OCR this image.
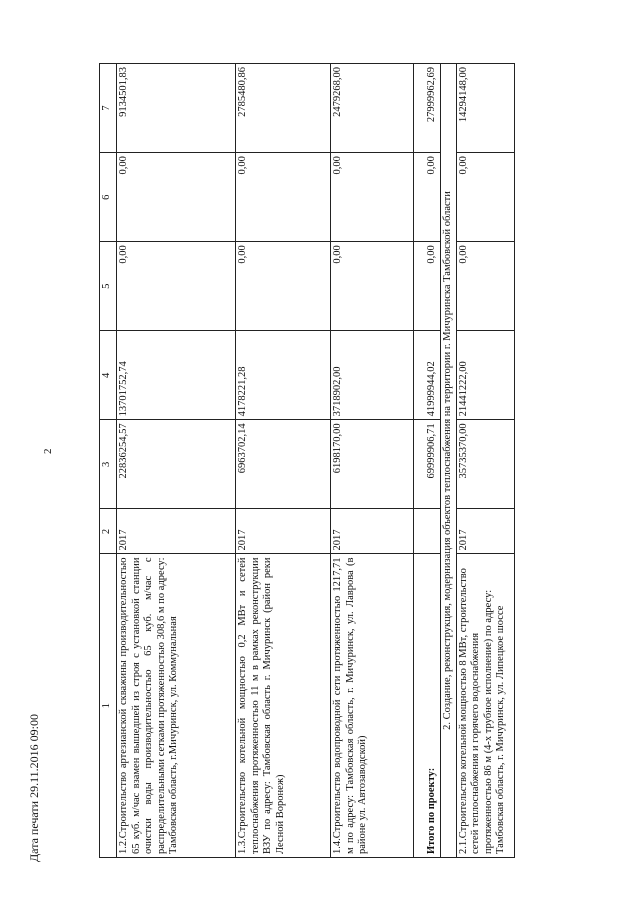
2
1	2	3	4	5	6	7
1.2.Строительство артезианской скважины производительностью 65 куб. м/час взамен вышедшей из строя с установкой станции очистки воды производительностью 65 куб. м/час с распределительными сетками протяженностью 308,6 м по адресу: Тамбовская область, г.Мичуринск, ул. Коммунальная	2017	22836254,57	13701752,74	0,00	0,00	9134501,83
1.3.Строительство котельной мощностью 0,2 МВт и сетей теплоснабжения протяженностью 11 м в рамках реконструкции ВЗУ по адресу: Тамбовская область г. Мичуринск (район реки Лесной Воронеж)	2017	6963702,14	4178221,28	0,00	0,00	2785480,86
1.4.Строительство водопроводной сети протяженностью 1217,71 м по адресу: Тамбовская область, г. Мичуринск, ул. Лаврова (в районе ул. Автозаводской)	2017	6198170,00	3718902,00	0,00	0,00	2479268,00
Итого по проекту:		69999906,71	41999944,02	0,00	0,00	27999962,69
2. Создание, реконструкция, модернизация объектов теплоснабжения на территории г. Мичуринска Тамбовской области						
2.1.Строительство котельной мощностью 8 МВт, строительство сетей теплоснабжения и горячего водоснабжения протяженностью 86 м (4-х трубное исполнение) по адресу: Тамбовская область, г. Мичуринск, ул. Липецкое шоссе	2017	35735370,00	21441222,00	0,00	0,00	14294148,00
Дата печати 29.11.2016 09:00
